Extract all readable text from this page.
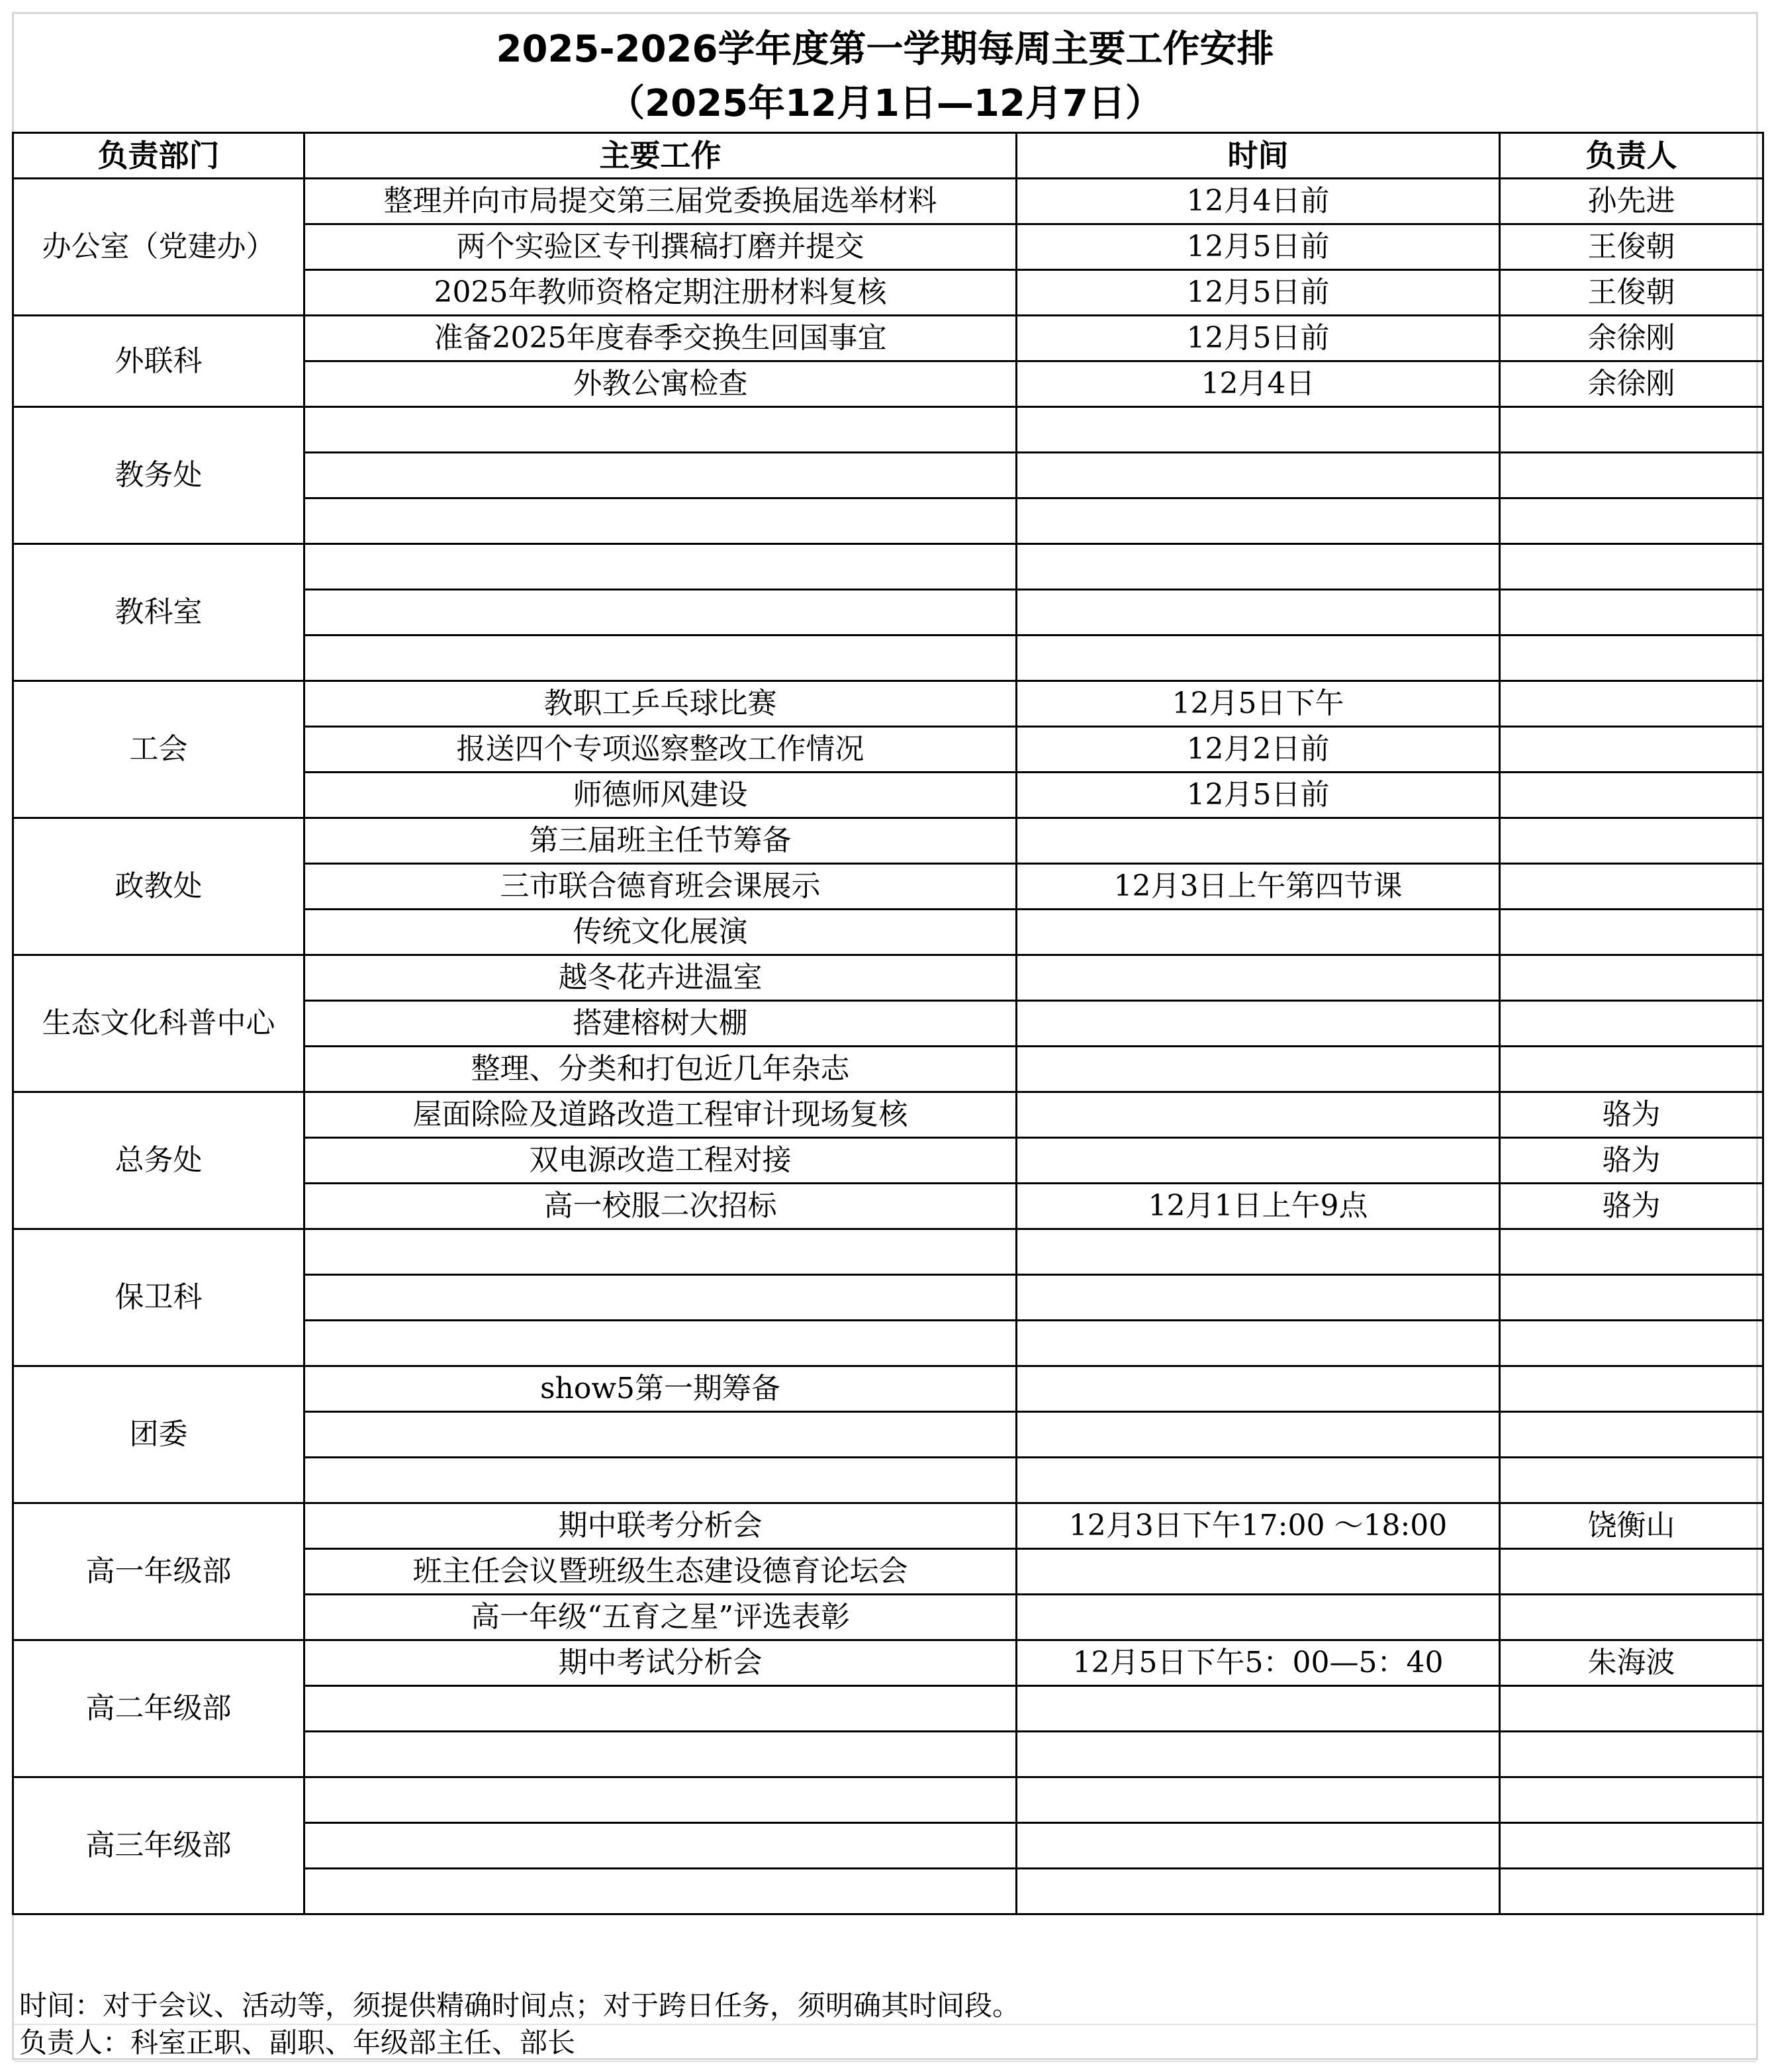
2025-2026学年度第一学期每周主要工作安排
（2025年12月1日—12月7日）
负责部门	主要工作	时间	负责人
办公室（党建办）	整理并向市局提交第三届党委换届选举材料	12月4日前	孙先进
	两个实验区专刊撰稿打磨并提交	12月5日前	王俊朝
	2025年教师资格定期注册材料复核	12月5日前	王俊朝
外联科	准备2025年度春季交换生回国事宜	12月5日前	余徐刚
	外教公寓检查	12月4日	余徐刚
教务处			

教科室			

工会	教职工乒乓球比赛	12月5日下午	
	报送四个专项巡察整改工作情况	12月2日前	
	师德师风建设	12月5日前	
政教处	第三届班主任节筹备		
	三市联合德育班会课展示	12月3日上午第四节课	
	传统文化展演		
生态文化科普中心	越冬花卉进温室		
	搭建榕树大棚		
	整理、分类和打包近几年杂志		
总务处	屋面除险及道路改造工程审计现场复核		骆为
	双电源改造工程对接		骆为
	高一校服二次招标	12月1日上午9点	骆为
保卫科			

团委	show5第一期筹备		

高一年级部	期中联考分析会	12月3日下午17:00 ～18:00	饶衡山
	班主任会议暨班级生态建设德育论坛会		
	高一年级“五育之星”评选表彰		
高二年级部	期中考试分析会	12月5日下午5：00—5：40	朱海波

高三年级部			

时间：对于会议、活动等，须提供精确时间点；对于跨日任务，须明确其时间段。
负责人：科室正职、副职、年级部主任、部长
